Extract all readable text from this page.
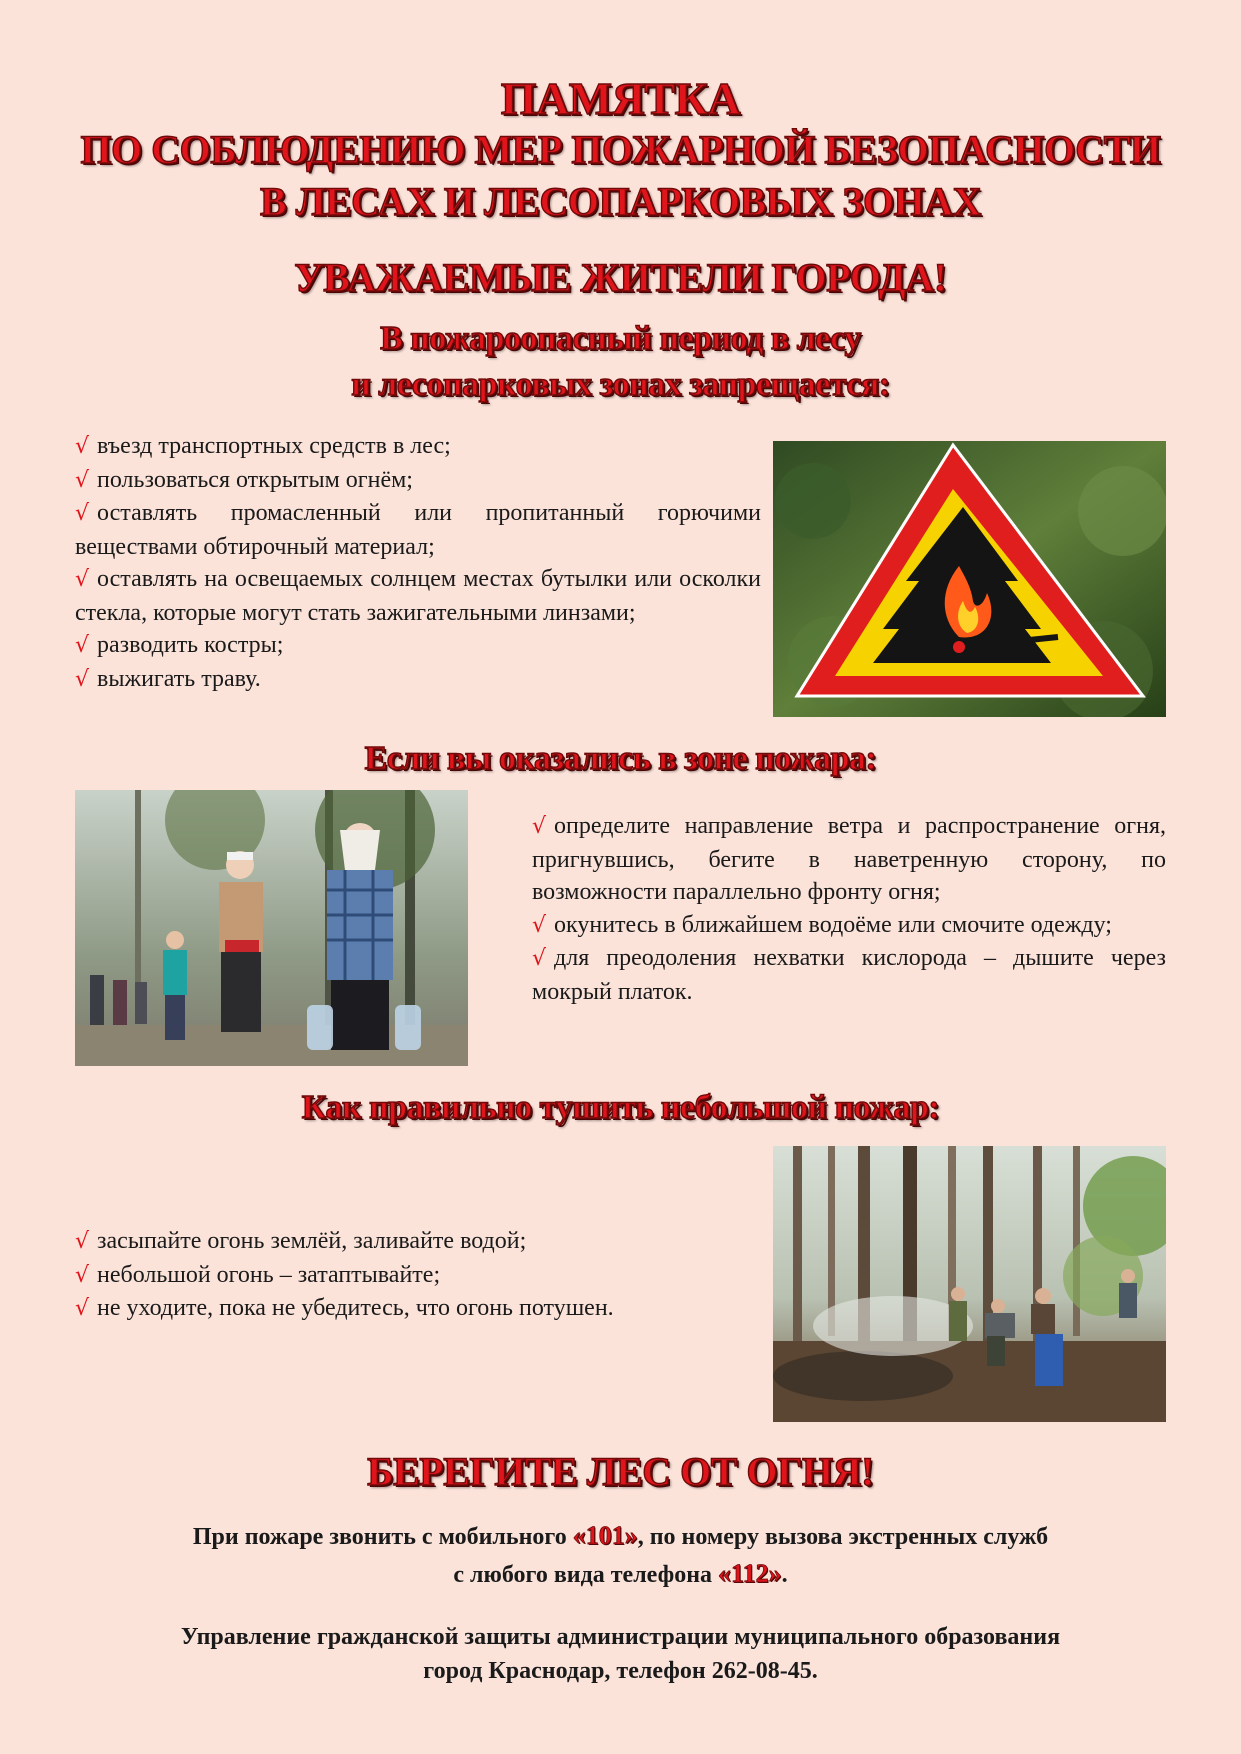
ПАМЯТКА
ПО СОБЛЮДЕНИЮ МЕР ПОЖАРНОЙ БЕЗОПАСНОСТИ
В ЛЕСАХ И ЛЕСОПАРКОВЫХ ЗОНАХ
УВАЖАЕМЫЕ ЖИТЕЛИ ГОРОДА!
В пожароопасный период в лесу
и лесопарковых зонах запрещается:
√ въезд транспортных средств в лес;
√ пользоваться открытым огнём;
√ оставлять промасленный или пропитанный горючими веществами обтирочный материал;
√ оставлять на освещаемых солнцем местах бутылки или осколки стекла, которые могут стать зажигательными линзами;
√ разводить костры;
√ выжигать траву.
Если вы оказались в зоне пожара:
√ определите направление ветра и распространение огня, пригнувшись, бегите в наветренную сторону, по возможности параллельно фронту огня;
√ окунитесь в ближайшем водоёме или смочите одежду;
√ для преодоления нехватки кислорода – дышите через мокрый платок.
Как правильно тушить небольшой пожар:
√ засыпайте огонь землёй, заливайте водой;
√ небольшой огонь – затаптывайте;
√ не уходите, пока не убедитесь, что огонь потушен.
БЕРЕГИТЕ ЛЕС ОТ ОГНЯ!
При пожаре звонить с мобильного «101», по номеру вызова экстренных служб
с любого вида телефона «112».
Управление гражданской защиты администрации муниципального образования
город Краснодар, телефон 262-08-45.
